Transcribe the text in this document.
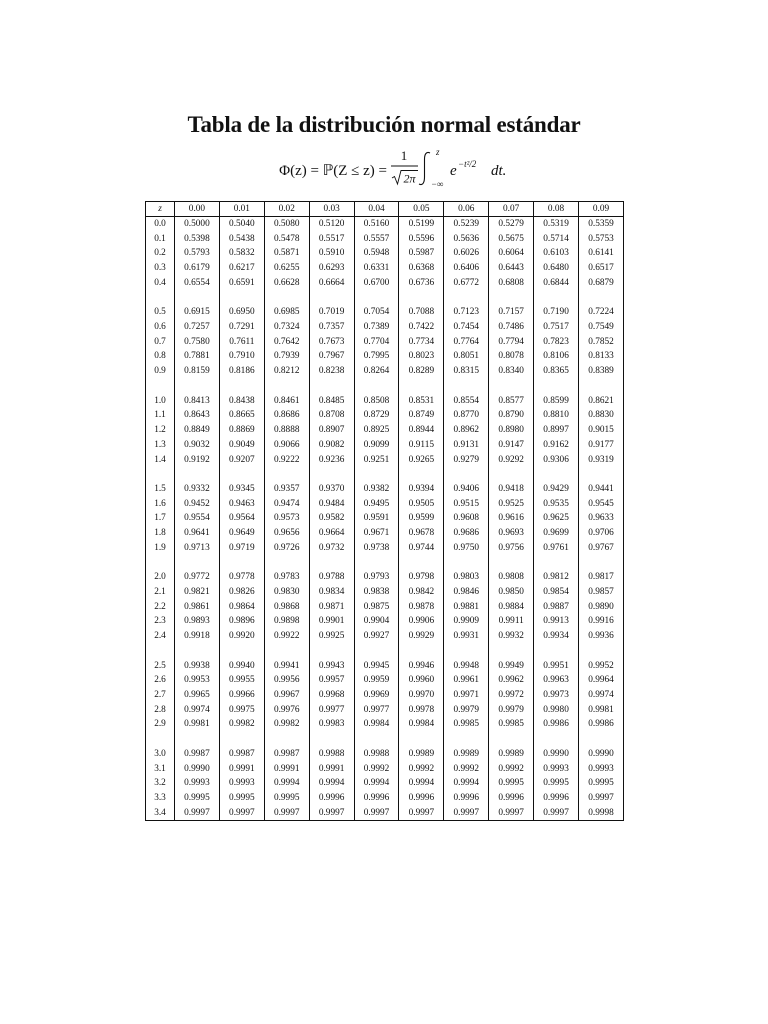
Tabla de la distribución normal estándar
Φ(z) = ℙ(Z ≤ z) =
1
2π
z
−∞
e −t²/2 dt.
z	0.00	0.01	0.02	0.03	0.04	0.05	0.06	0.07	0.08	0.09
0.0	0.5000	0.5040	0.5080	0.5120	0.5160	0.5199	0.5239	0.5279	0.5319	0.5359
0.1	0.5398	0.5438	0.5478	0.5517	0.5557	0.5596	0.5636	0.5675	0.5714	0.5753
0.2	0.5793	0.5832	0.5871	0.5910	0.5948	0.5987	0.6026	0.6064	0.6103	0.6141
0.3	0.6179	0.6217	0.6255	0.6293	0.6331	0.6368	0.6406	0.6443	0.6480	0.6517
0.4	0.6554	0.6591	0.6628	0.6664	0.6700	0.6736	0.6772	0.6808	0.6844	0.6879

0.5	0.6915	0.6950	0.6985	0.7019	0.7054	0.7088	0.7123	0.7157	0.7190	0.7224
0.6	0.7257	0.7291	0.7324	0.7357	0.7389	0.7422	0.7454	0.7486	0.7517	0.7549
0.7	0.7580	0.7611	0.7642	0.7673	0.7704	0.7734	0.7764	0.7794	0.7823	0.7852
0.8	0.7881	0.7910	0.7939	0.7967	0.7995	0.8023	0.8051	0.8078	0.8106	0.8133
0.9	0.8159	0.8186	0.8212	0.8238	0.8264	0.8289	0.8315	0.8340	0.8365	0.8389

1.0	0.8413	0.8438	0.8461	0.8485	0.8508	0.8531	0.8554	0.8577	0.8599	0.8621
1.1	0.8643	0.8665	0.8686	0.8708	0.8729	0.8749	0.8770	0.8790	0.8810	0.8830
1.2	0.8849	0.8869	0.8888	0.8907	0.8925	0.8944	0.8962	0.8980	0.8997	0.9015
1.3	0.9032	0.9049	0.9066	0.9082	0.9099	0.9115	0.9131	0.9147	0.9162	0.9177
1.4	0.9192	0.9207	0.9222	0.9236	0.9251	0.9265	0.9279	0.9292	0.9306	0.9319

1.5	0.9332	0.9345	0.9357	0.9370	0.9382	0.9394	0.9406	0.9418	0.9429	0.9441
1.6	0.9452	0.9463	0.9474	0.9484	0.9495	0.9505	0.9515	0.9525	0.9535	0.9545
1.7	0.9554	0.9564	0.9573	0.9582	0.9591	0.9599	0.9608	0.9616	0.9625	0.9633
1.8	0.9641	0.9649	0.9656	0.9664	0.9671	0.9678	0.9686	0.9693	0.9699	0.9706
1.9	0.9713	0.9719	0.9726	0.9732	0.9738	0.9744	0.9750	0.9756	0.9761	0.9767

2.0	0.9772	0.9778	0.9783	0.9788	0.9793	0.9798	0.9803	0.9808	0.9812	0.9817
2.1	0.9821	0.9826	0.9830	0.9834	0.9838	0.9842	0.9846	0.9850	0.9854	0.9857
2.2	0.9861	0.9864	0.9868	0.9871	0.9875	0.9878	0.9881	0.9884	0.9887	0.9890
2.3	0.9893	0.9896	0.9898	0.9901	0.9904	0.9906	0.9909	0.9911	0.9913	0.9916
2.4	0.9918	0.9920	0.9922	0.9925	0.9927	0.9929	0.9931	0.9932	0.9934	0.9936

2.5	0.9938	0.9940	0.9941	0.9943	0.9945	0.9946	0.9948	0.9949	0.9951	0.9952
2.6	0.9953	0.9955	0.9956	0.9957	0.9959	0.9960	0.9961	0.9962	0.9963	0.9964
2.7	0.9965	0.9966	0.9967	0.9968	0.9969	0.9970	0.9971	0.9972	0.9973	0.9974
2.8	0.9974	0.9975	0.9976	0.9977	0.9977	0.9978	0.9979	0.9979	0.9980	0.9981
2.9	0.9981	0.9982	0.9982	0.9983	0.9984	0.9984	0.9985	0.9985	0.9986	0.9986

3.0	0.9987	0.9987	0.9987	0.9988	0.9988	0.9989	0.9989	0.9989	0.9990	0.9990
3.1	0.9990	0.9991	0.9991	0.9991	0.9992	0.9992	0.9992	0.9992	0.9993	0.9993
3.2	0.9993	0.9993	0.9994	0.9994	0.9994	0.9994	0.9994	0.9995	0.9995	0.9995
3.3	0.9995	0.9995	0.9995	0.9996	0.9996	0.9996	0.9996	0.9996	0.9996	0.9997
3.4	0.9997	0.9997	0.9997	0.9997	0.9997	0.9997	0.9997	0.9997	0.9997	0.9998
